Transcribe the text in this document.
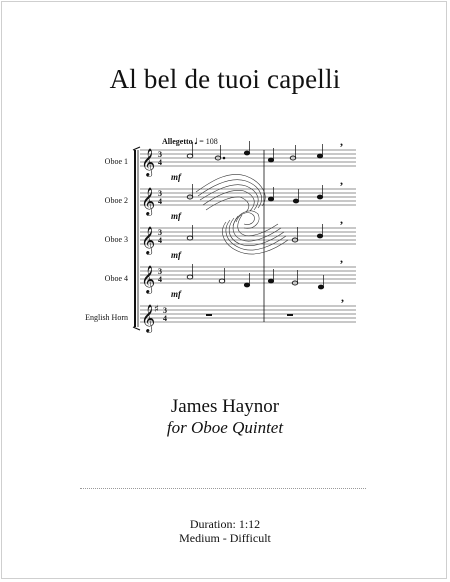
Al bel de tuoi capelli
Allegetto 𝅗𝅥 = 108
Oboe 1
Oboe 2
Oboe 3
Oboe 4
English Horn
mf
mf
mf
mf
𝄞
𝄞
𝄞
𝄞
𝄞
♯
3
4
3
4
3
4
3
4
3
4
,
,
,
,
,
James Haynor
for Oboe Quintet
Duration: 1:12
Medium - Difficult
